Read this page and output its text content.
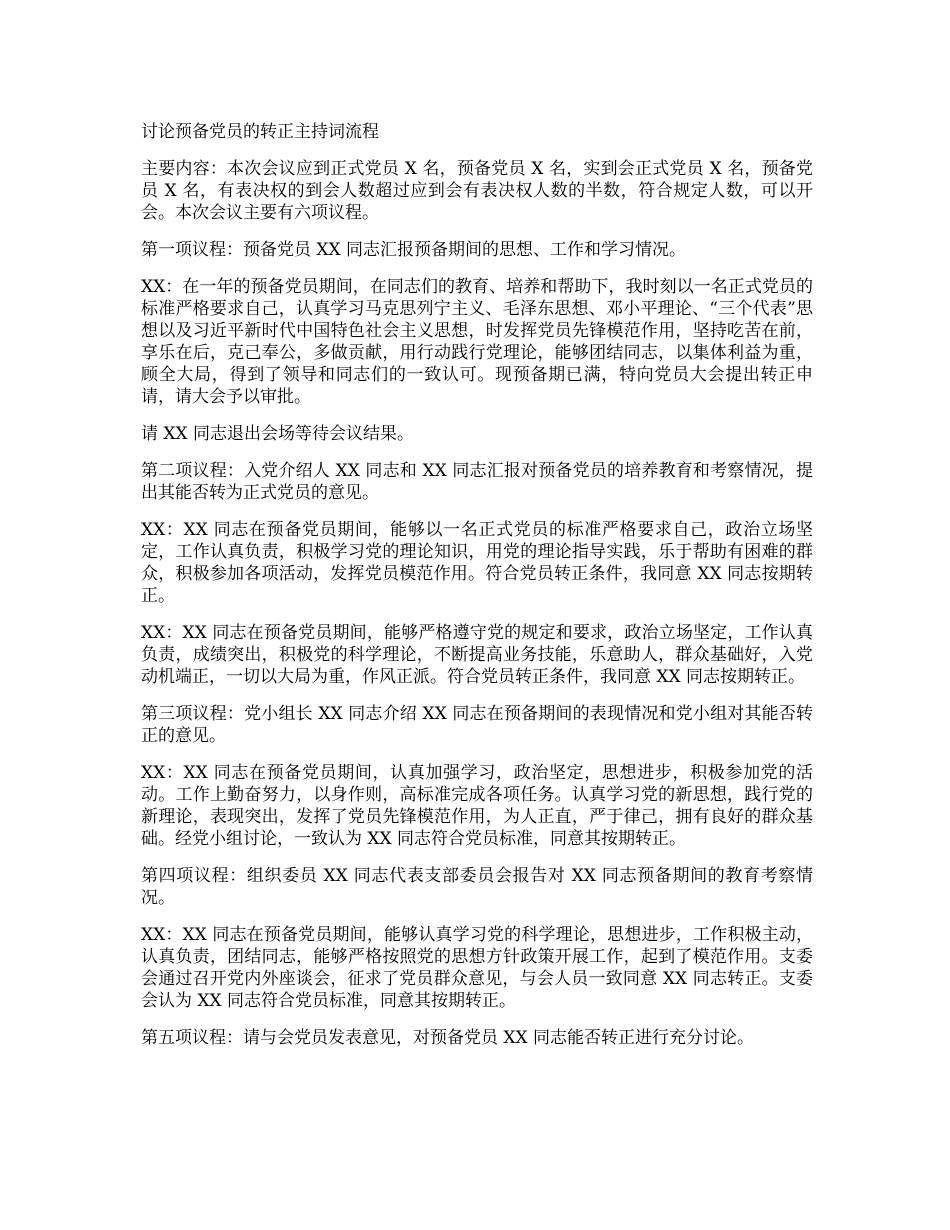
讨论预备党员的转正主持词流程

主要内容：本次会议应到正式党员 X 名，预备党员 X 名，实到会正式党员 X 名，预备党员 X 名，有表决权的到会人数超过应到会有表决权人数的半数，符合规定人数，可以开会。本次会议主要有六项议程。

第一项议程：预备党员 XX 同志汇报预备期间的思想、工作和学习情况。

XX：在一年的预备党员期间，在同志们的教育、培养和帮助下，我时刻以一名正式党员的标准严格要求自己，认真学习马克思列宁主义、毛泽东思想、邓小平理论、“三个代表”思想以及习近平新时代中国特色社会主义思想，时发挥党员先锋模范作用，坚持吃苦在前，享乐在后，克己奉公，多做贡献，用行动践行党理论，能够团结同志，以集体利益为重，顾全大局，得到了领导和同志们的一致认可。现预备期已满，特向党员大会提出转正申请，请大会予以审批。

请 XX 同志退出会场等待会议结果。

第二项议程：入党介绍人 XX 同志和 XX 同志汇报对预备党员的培养教育和考察情况，提出其能否转为正式党员的意见。

XX：XX 同志在预备党员期间，能够以一名正式党员的标准严格要求自己，政治立场坚定，工作认真负责，积极学习党的理论知识，用党的理论指导实践，乐于帮助有困难的群众，积极参加各项活动，发挥党员模范作用。符合党员转正条件，我同意 XX 同志按期转正。

XX：XX 同志在预备党员期间，能够严格遵守党的规定和要求，政治立场坚定，工作认真负责，成绩突出，积极党的科学理论，不断提高业务技能，乐意助人，群众基础好，入党动机端正，一切以大局为重，作风正派。符合党员转正条件，我同意 XX 同志按期转正。

第三项议程：党小组长 XX 同志介绍 XX 同志在预备期间的表现情况和党小组对其能否转正的意见。

XX：XX 同志在预备党员期间，认真加强学习，政治坚定，思想进步，积极参加党的活动。工作上勤奋努力，以身作则，高标准完成各项任务。认真学习党的新思想，践行党的新理论，表现突出，发挥了党员先锋模范作用，为人正直，严于律己，拥有良好的群众基础。经党小组讨论，一致认为 XX 同志符合党员标准，同意其按期转正。

第四项议程：组织委员 XX 同志代表支部委员会报告对 XX 同志预备期间的教育考察情况。

XX：XX 同志在预备党员期间，能够认真学习党的科学理论，思想进步，工作积极主动，认真负责，团结同志，能够严格按照党的思想方针政策开展工作，起到了模范作用。支委会通过召开党内外座谈会，征求了党员群众意见，与会人员一致同意 XX 同志转正。支委会认为 XX 同志符合党员标准，同意其按期转正。

第五项议程：请与会党员发表意见，对预备党员 XX 同志能否转正进行充分讨论。
